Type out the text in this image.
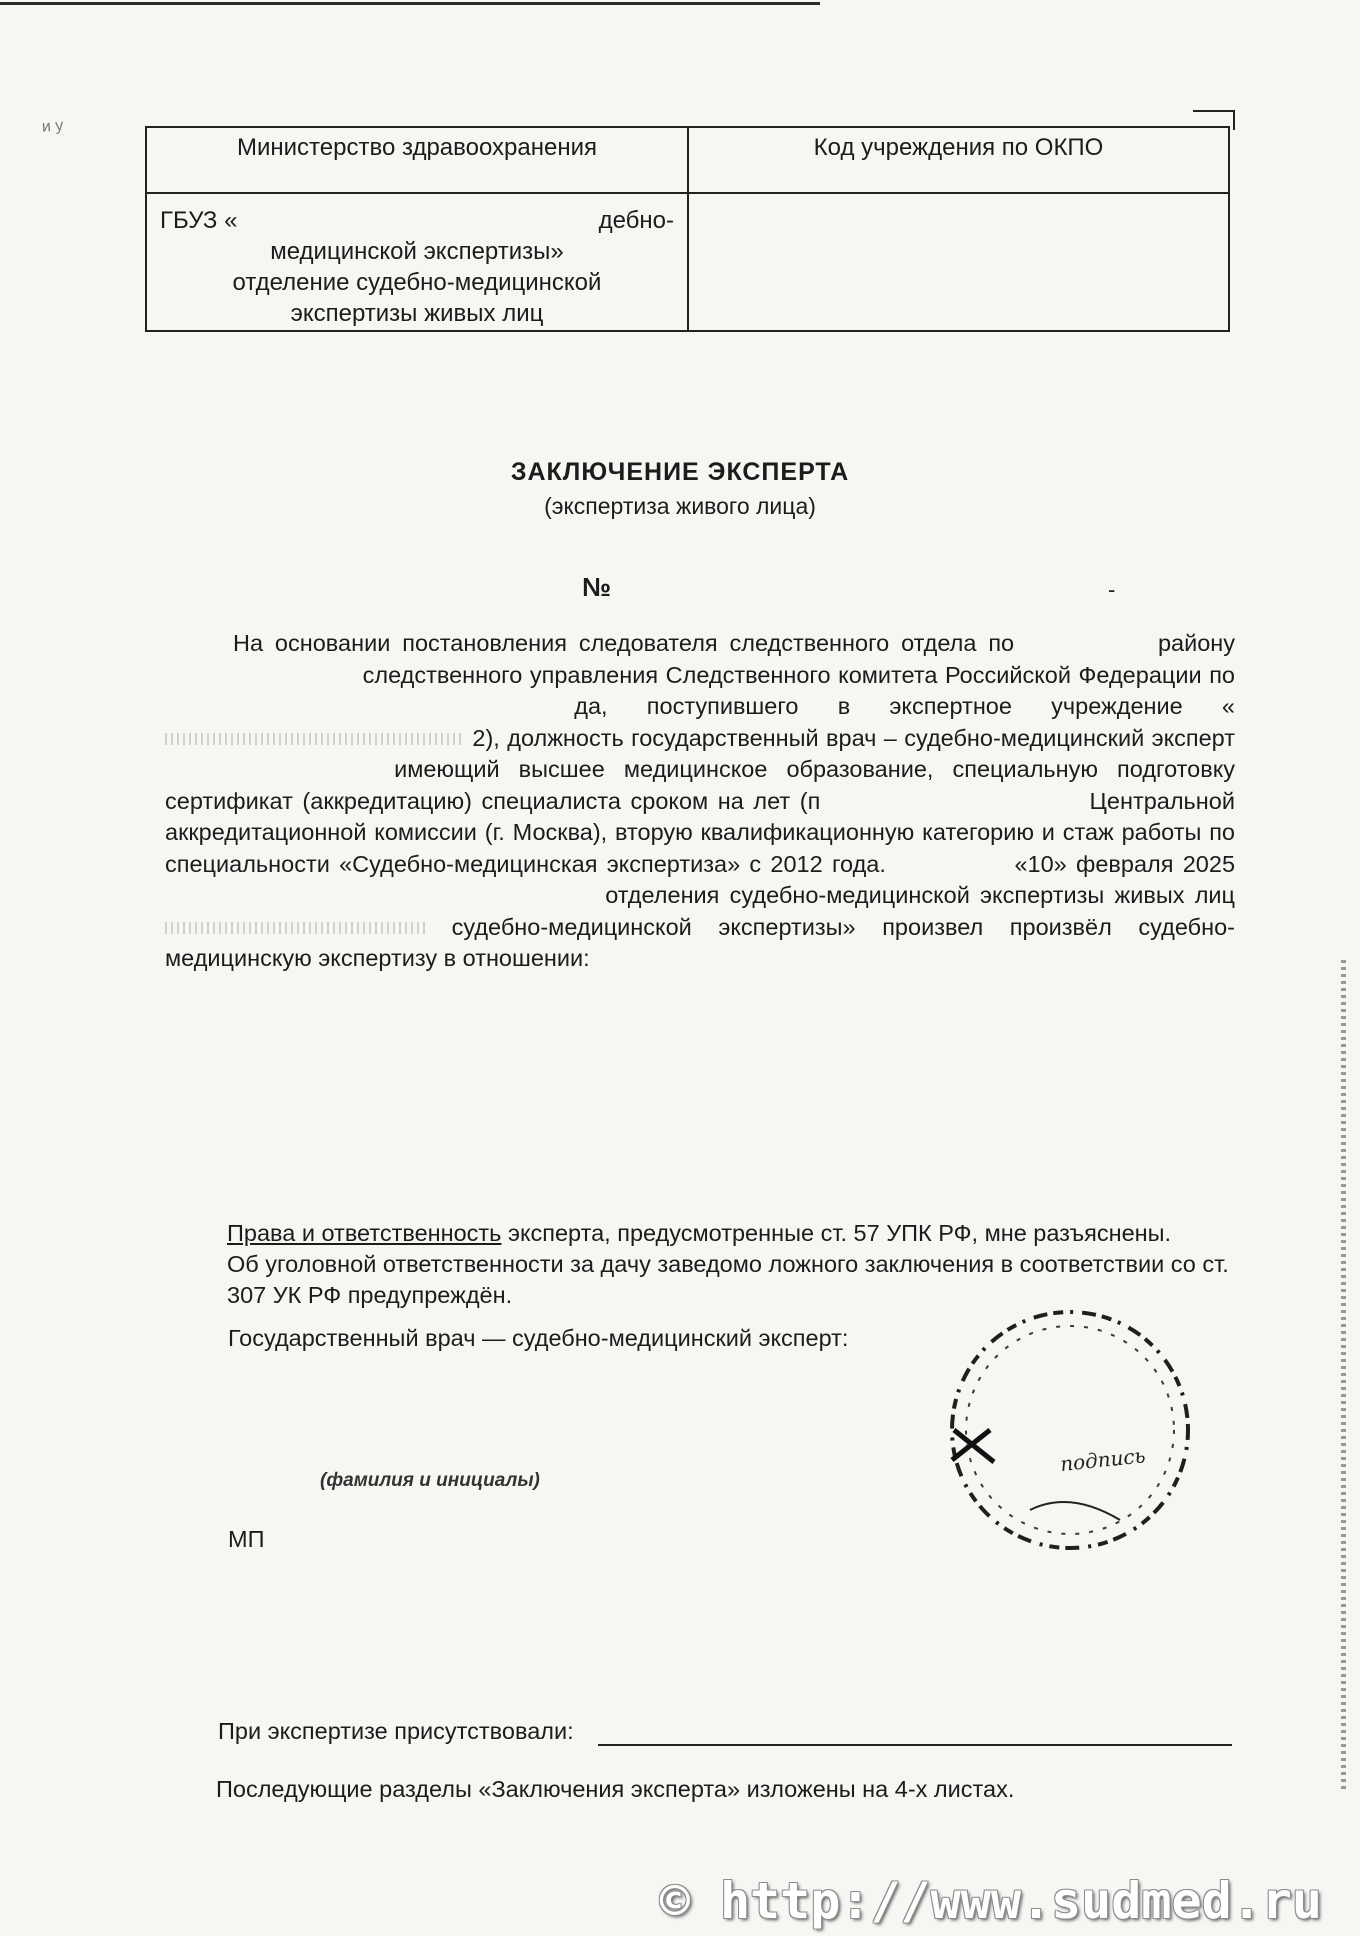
и у
Министерство здравоохранения	Код учреждения по ОКПО

ГБУЗ « дебно-
медицинской экспертизы»
отделение судебно-медицинской
экспертизы живых лиц	

ЗАКЛЮЧЕНИЕ ЭКСПЕРТА
(экспертиза живого лица)
№	-
На основании постановления следователя следственного отдела по	району  следственного управления Следственного комитета Российской Федерации по  да, поступившего в экспертное учреждение «  2), должность государственный врач – судебно-медицинский эксперт  имеющий высшее медицинское образование, специальную подготовку сертификат (аккредитацию) специалиста сроком на лет (п	Центральной аккредитационной комиссии (г. Москва), вторую квалификационную категорию и стаж работы по специальности «Судебно-медицинская экспертиза» с 2012 года.	«10» февраля 2025  отделения судебно-медицинской экспертизы живых лиц  судебно-медицинской экспертизы» произвел произвёл судебно-медицинскую экспертизу в отношении:

Права и ответственность эксперта, предусмотренные ст. 57 УПК РФ, мне разъяснены.

Об уголовной ответственности за дачу заведомо ложного заключения в соответствии со ст. 307 УК РФ предупреждён.

Государственный врач — судебно-медицинский эксперт:
(фамилия и инициалы)
МП
подпись
При экспертизе присутствовали:
Последующие разделы «Заключения эксперта» изложены на 4-х листах.
© http://www.sudmed.ru
